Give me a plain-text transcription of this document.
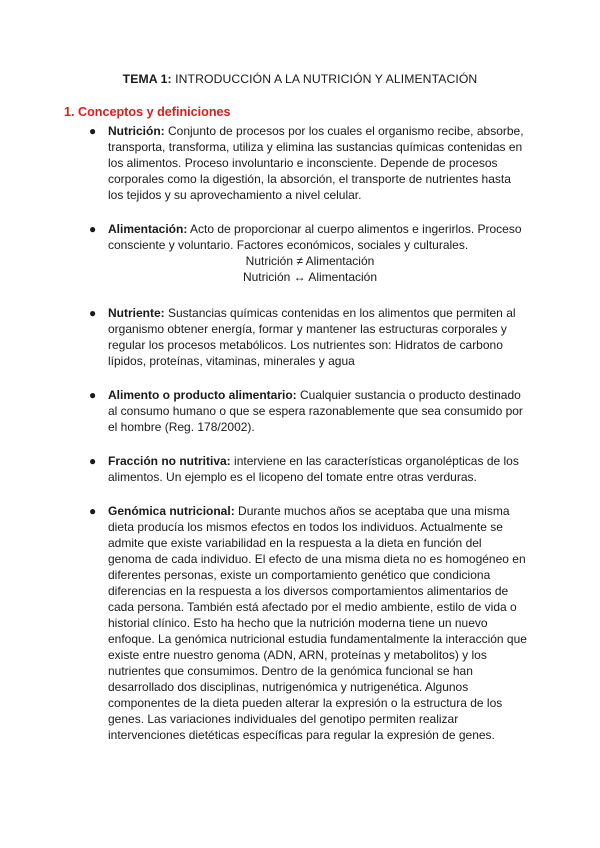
TEMA 1: INTRODUCCIÓN A LA NUTRICIÓN Y ALIMENTACIÓN
1. Conceptos y definiciones
● Nutrición: Conjunto de procesos por los cuales el organismo recibe, absorbe, transporta, transforma, utiliza y elimina las sustancias químicas contenidas en los alimentos. Proceso involuntario e inconsciente. Depende de procesos corporales como la digestión, la absorción, el transporte de nutrientes hasta los tejidos y su aprovechamiento a nivel celular.
● Alimentación: Acto de proporcionar al cuerpo alimentos e ingerirlos. Proceso consciente y voluntario. Factores económicos, sociales y culturales.
Nutrición ≠ Alimentación
Nutrición ↔ Alimentación
● Nutriente: Sustancias químicas contenidas en los alimentos que permiten al organismo obtener energía, formar y mantener las estructuras corporales y regular los procesos metabólicos. Los nutrientes son: Hidratos de carbono lípidos, proteínas, vitaminas, minerales y agua
● Alimento o producto alimentario: Cualquier sustancia o producto destinado al consumo humano o que se espera razonablemente que sea consumido por el hombre (Reg. 178/2002).
● Fracción no nutritiva: interviene en las características organolépticas de los alimentos. Un ejemplo es el licopeno del tomate entre otras verduras.
● Genómica nutricional: Durante muchos años se aceptaba que una misma dieta producía los mismos efectos en todos los individuos. Actualmente se admite que existe variabilidad en la respuesta a la dieta en función del genoma de cada individuo. El efecto de una misma dieta no es homogéneo en diferentes personas, existe un comportamiento genético que condiciona diferencias en la respuesta a los diversos comportamientos alimentarios de cada persona. También está afectado por el medio ambiente, estilo de vida o historial clínico. Esto ha hecho que la nutrición moderna tiene un nuevo enfoque. La genómica nutricional estudia fundamentalmente la interacción que existe entre nuestro genoma (ADN, ARN, proteínas y metabolitos) y los nutrientes que consumimos. Dentro de la genómica funcional se han desarrollado dos disciplinas, nutrigenómica y nutrigenética. Algunos componentes de la dieta pueden alterar la expresión o la estructura de los genes. Las variaciones individuales del genotipo permiten realizar intervenciones dietéticas específicas para regular la expresión de genes.
